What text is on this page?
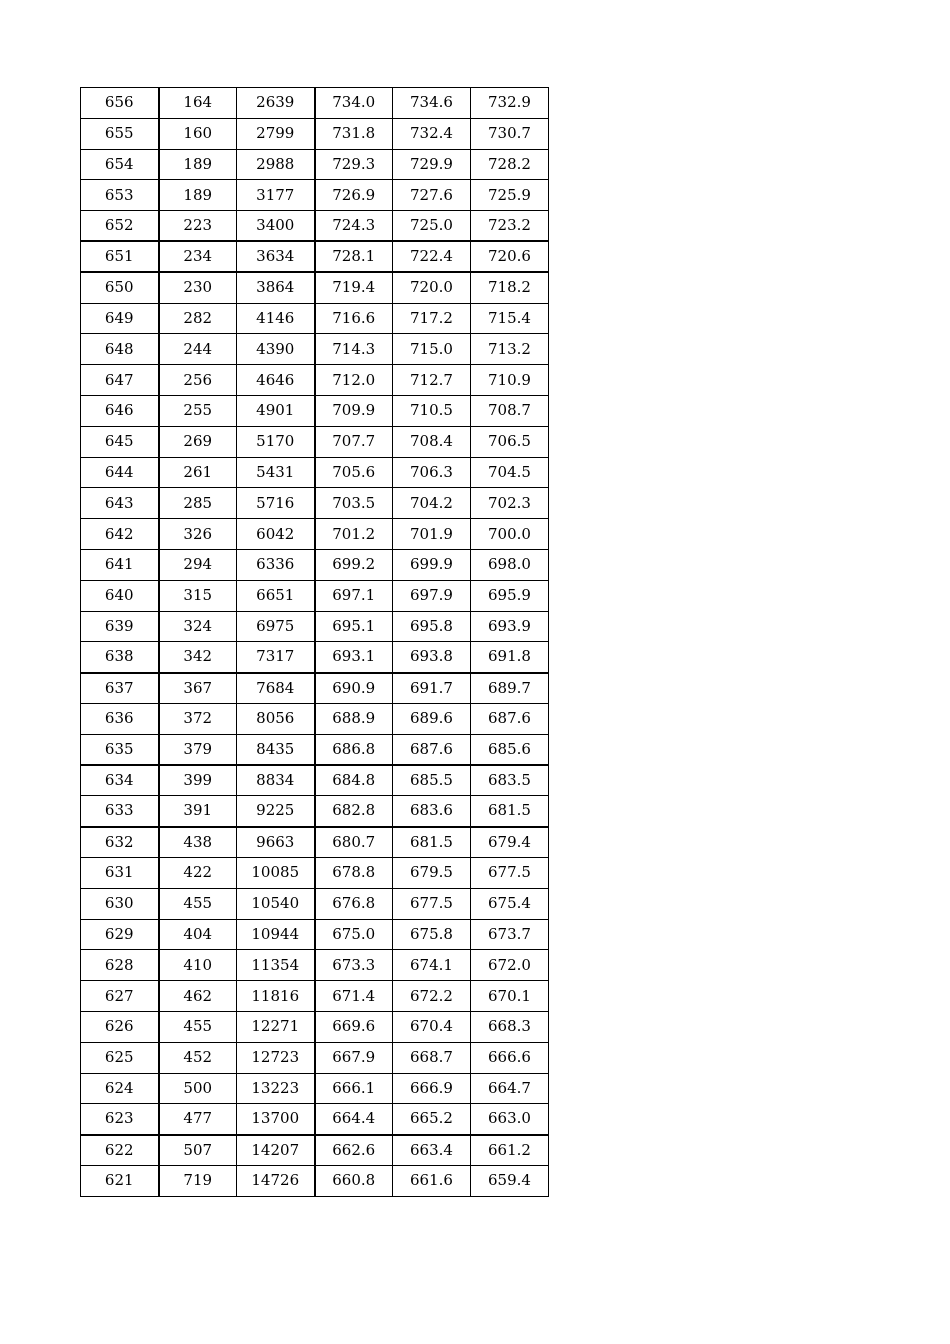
656	164	2639	734.0	734.6	732.9
655	160	2799	731.8	732.4	730.7
654	189	2988	729.3	729.9	728.2
653	189	3177	726.9	727.6	725.9
652	223	3400	724.3	725.0	723.2
651	234	3634	728.1	722.4	720.6
650	230	3864	719.4	720.0	718.2
649	282	4146	716.6	717.2	715.4
648	244	4390	714.3	715.0	713.2
647	256	4646	712.0	712.7	710.9
646	255	4901	709.9	710.5	708.7
645	269	5170	707.7	708.4	706.5
644	261	5431	705.6	706.3	704.5
643	285	5716	703.5	704.2	702.3
642	326	6042	701.2	701.9	700.0
641	294	6336	699.2	699.9	698.0
640	315	6651	697.1	697.9	695.9
639	324	6975	695.1	695.8	693.9
638	342	7317	693.1	693.8	691.8
637	367	7684	690.9	691.7	689.7
636	372	8056	688.9	689.6	687.6
635	379	8435	686.8	687.6	685.6
634	399	8834	684.8	685.5	683.5
633	391	9225	682.8	683.6	681.5
632	438	9663	680.7	681.5	679.4
631	422	10085	678.8	679.5	677.5
630	455	10540	676.8	677.5	675.4
629	404	10944	675.0	675.8	673.7
628	410	11354	673.3	674.1	672.0
627	462	11816	671.4	672.2	670.1
626	455	12271	669.6	670.4	668.3
625	452	12723	667.9	668.7	666.6
624	500	13223	666.1	666.9	664.7
623	477	13700	664.4	665.2	663.0
622	507	14207	662.6	663.4	661.2
621	719	14726	660.8	661.6	659.4
